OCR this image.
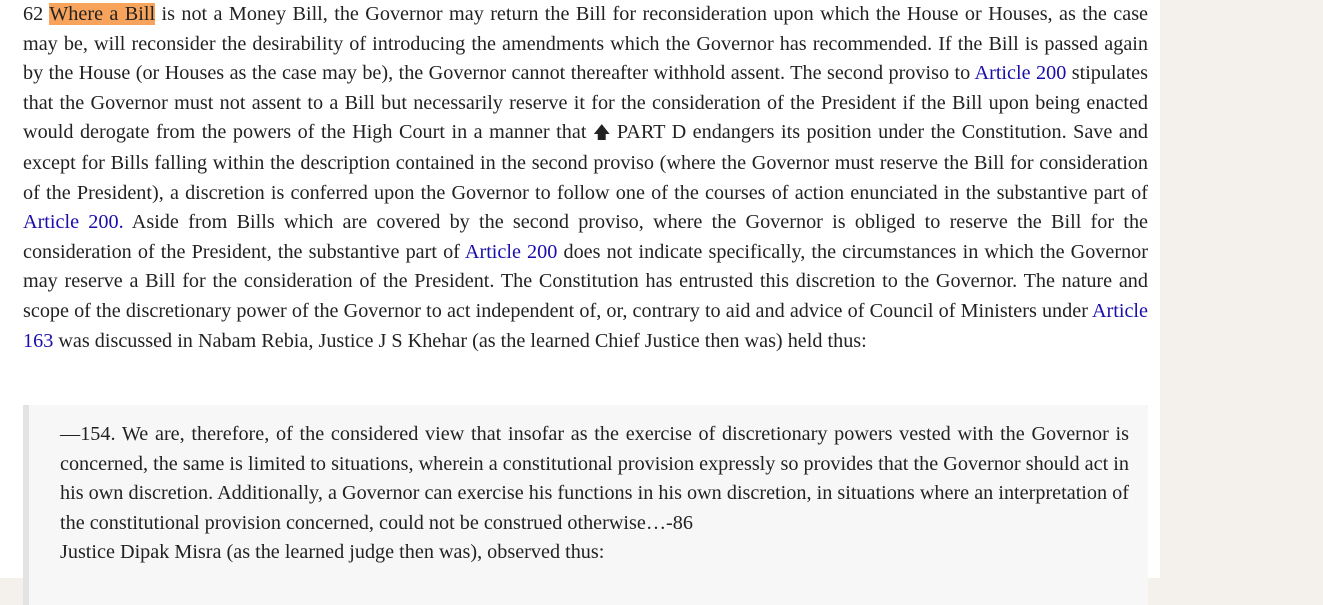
62 Where a Bill is not a Money Bill, the Governor may return the Bill for reconsideration upon which the House or Houses, as the case may be, will reconsider the desirability of introducing the amendments which the Governor has recommended. If the Bill is passed again by the House (or Houses as the case may be), the Governor cannot thereafter withhold assent. The second proviso to Article 200 stipulates that the Governor must not assent to a Bill but necessarily reserve it for the consideration of the President if the Bill upon being enacted would derogate from the powers of the High Court in a manner that 🡅 PART D endangers its position under the Constitution. Save and except for Bills falling within the description contained in the second proviso (where the Governor must reserve the Bill for consideration of the President), a discretion is conferred upon the Governor to follow one of the courses of action enunciated in the substantive part of Article 200. Aside from Bills which are covered by the second proviso, where the Governor is obliged to reserve the Bill for the consideration of the President, the substantive part of Article 200 does not indicate specifically, the circumstances in which the Governor may reserve a Bill for the consideration of the President. The Constitution has entrusted this discretion to the Governor. The nature and scope of the discretionary power of the Governor to act independent of, or, contrary to aid and advice of Council of Ministers under Article 163 was discussed in Nabam Rebia, Justice J S Khehar (as the learned Chief Justice then was) held thus:

—154. We are, therefore, of the considered view that insofar as the exercise of discretionary powers vested with the Governor is concerned, the same is limited to situations, wherein a constitutional provision expressly so provides that the Governor should act in his own discretion. Additionally, a Governor can exercise his functions in his own discretion, in situations where an interpretation of the constitutional provision concerned, could not be construed otherwise…‑86
Justice Dipak Misra (as the learned judge then was), observed thus:
